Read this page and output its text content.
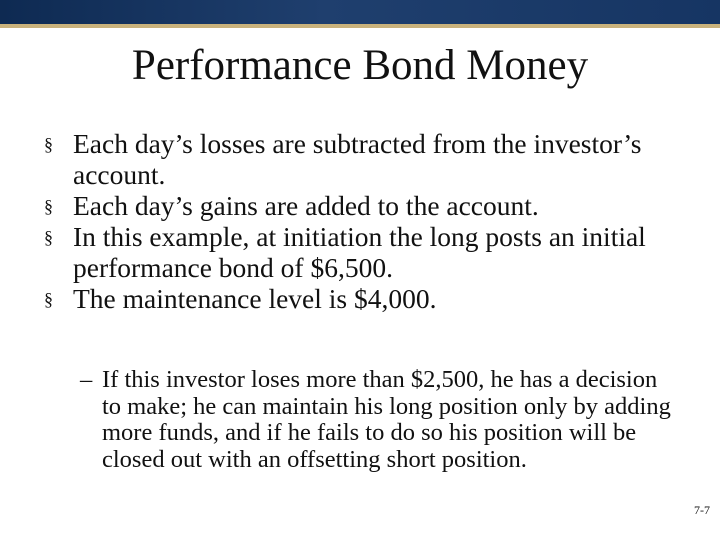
Performance Bond Money
§ Each day’s losses are subtracted from the investor’s account.
§ Each day’s gains are added to the account.
§ In this example, at initiation the long posts an initial performance bond of $6,500.
§ The maintenance level is $4,000.
– If this investor loses more than $2,500, he has a decision to make; he can maintain his long position only by adding more funds, and if he fails to do so his position will be closed out with an offsetting short position.
7-7
